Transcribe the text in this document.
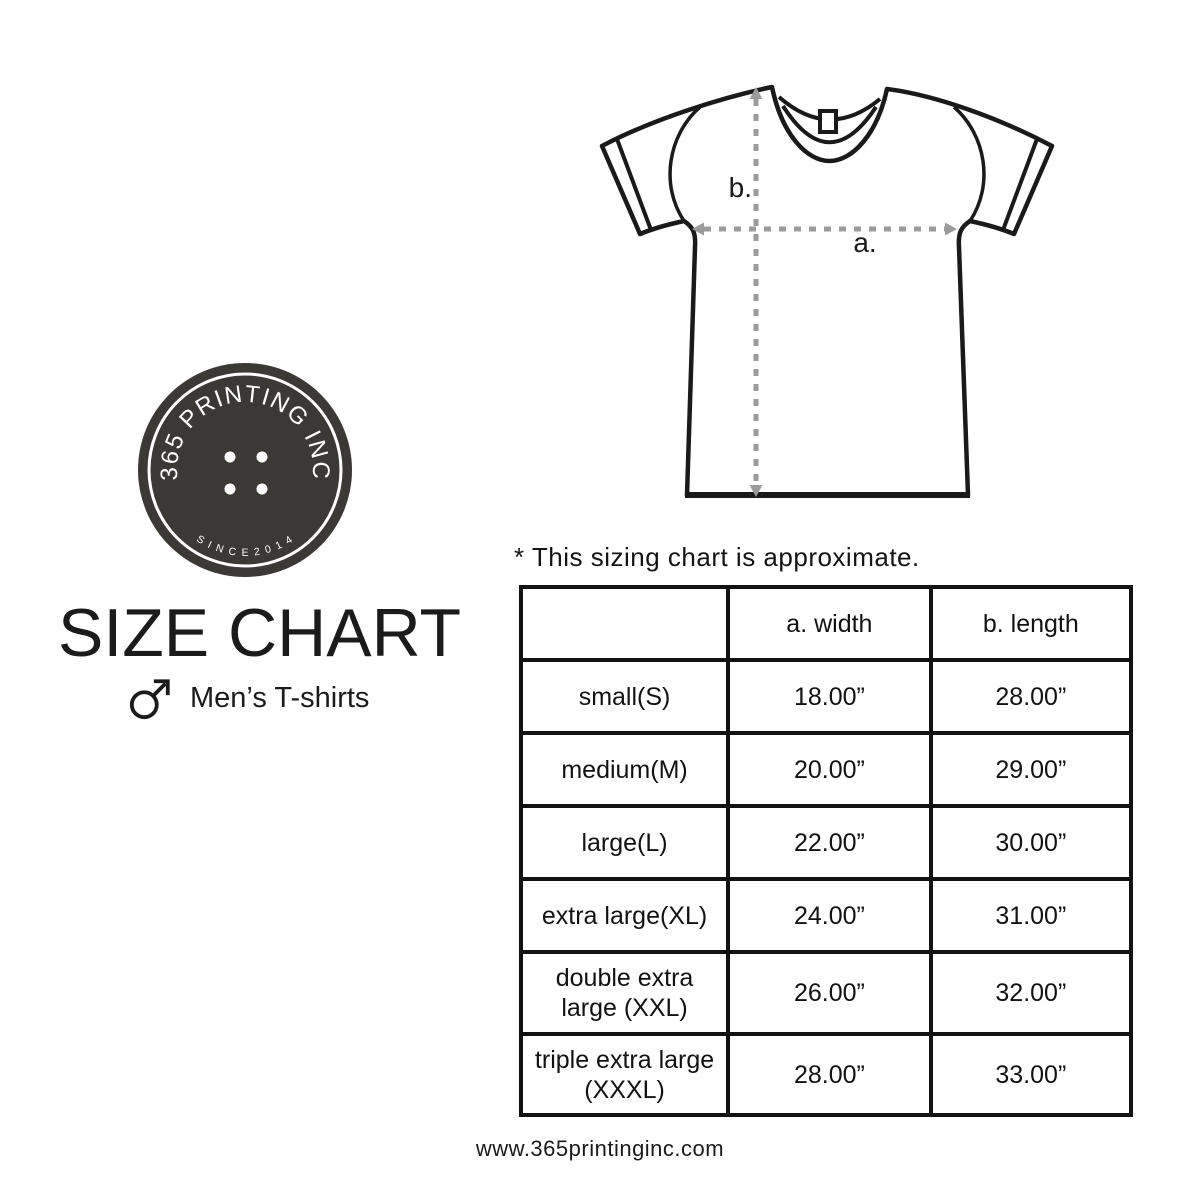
365 PRINTING INC
S I N C E 2 0 1 4
SIZE CHART
Men’s T-shirts
b.
a.
* This sizing chart is approximate.
	a. width	b. length
small(S)	18.00”	28.00”
medium(M)	20.00”	29.00”
large(L)	22.00”	30.00”
extra large(XL)	24.00”	31.00”
double extra large (XXL)	26.00”	32.00”
triple extra large (XXXL)	28.00”	33.00”
www.365printinginc.com
